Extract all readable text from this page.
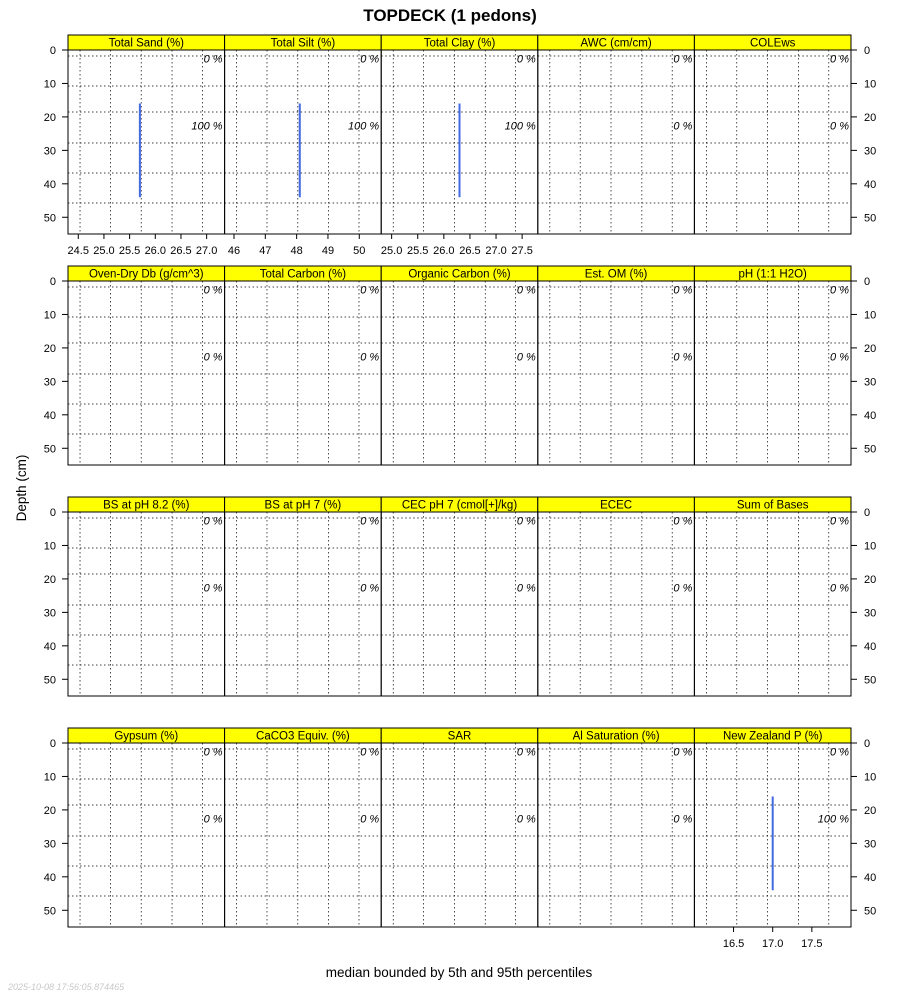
TOPDECK (1 pedons)
Depth (cm)
median bounded by 5th and 95th percentiles
2025-10-08 17:56:05.874465
Total Sand (%)
0 %
100 %
24.5 25.0 25.5 26.0 26.5 27.0
Total Silt (%)
0 %
100 %
46 47 48 49 50
Total Clay (%)
0 %
100 %
25.0 25.5 26.0 26.5 27.0 27.5
AWC (cm/cm)
0 %
0 %
COLEws
0 %
0 %
Oven-Dry Db (g/cm^3)
0 %
0 %
Total Carbon (%)
0 %
0 %
Organic Carbon (%)
0 %
0 %
Est. OM (%)
0 %
0 %
pH (1:1 H2O)
0 %
0 %
BS at pH 8.2 (%)
0 %
0 %
BS at pH 7 (%)
0 %
0 %
CEC pH 7 (cmol[+]/kg)
0 %
0 %
ECEC
0 %
0 %
Sum of Bases
0 %
0 %
Gypsum (%)
0 %
0 %
CaCO3 Equiv. (%)
0 %
0 %
SAR
0 %
0 %
Al Saturation (%)
0 %
0 %
New Zealand P (%)
0 %
100 %
16.5 17.0 17.5
0	0
10	10
20	20
30	30
40	40
50	50
0	0
10	10
20	20
30	30
40	40
50	50
0	0
10	10
20	20
30	30
40	40
50	50
0	0
10	10
20	20
30	30
40	40
50	50
